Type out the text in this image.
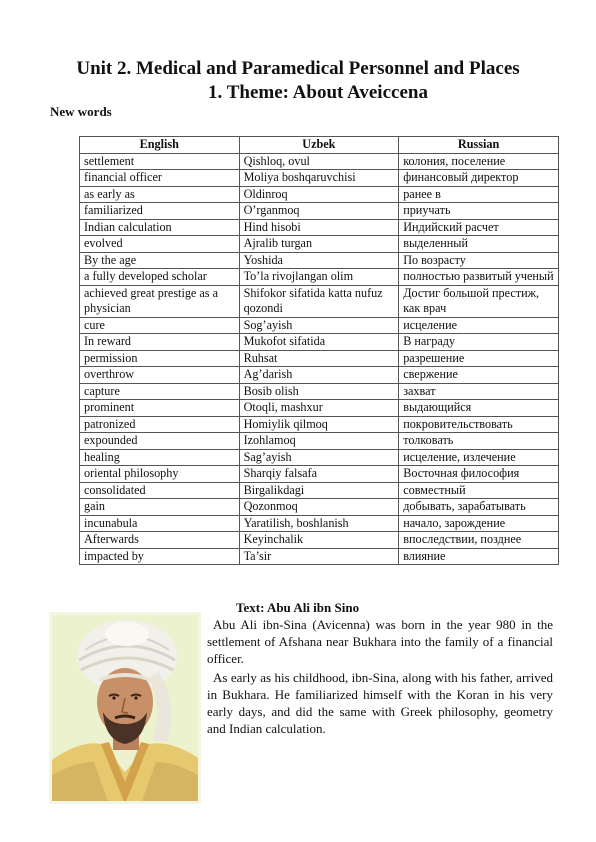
Unit 2. Medical and Paramedical Personnel and Places
1. Theme: About Aveiccena
New words
English	Uzbek	Russian
settlement	Qishloq, ovul	колония, поселение
financial officer	Moliya boshqaruvchisi	финансовый директор
as early as	Oldinroq	ранее в
familiarized	O’rganmoq	приучать
Indian calculation	Hind hisobi	Индийский расчет
evolved	Ajralib turgan	выделенный
By the age	Yoshida	По возрасту
a fully developed scholar	To’la rivojlangan olim	полностью развитый ученый
achieved great prestige as a physician	Shifokor sifatida katta nufuz qozondi	Достиг большой престиж, как врач
cure	Sog’ayish	исцеление
In reward	Mukofot sifatida	В награду
permission	Ruhsat	разрешение
overthrow	Ag’darish	свержение
capture	Bosib olish	захват
prominent	Otoqli, mashxur	выдающийся
patronized	Homiylik qilmoq	покровительствовать
expounded	Izohlamoq	толковать
healing	Sag’ayish	исцеление, излечение
oriental philosophy	Sharqiy falsafa	Восточная философия
consolidated	Birgalikdagi	совместный
gain	Qozonmoq	добывать, зарабатывать
incunabula	Yaratilish, boshlanish	начало, зарождение
Afterwards	Keyinchalik	впоследствии, позднее
impacted by	Ta’sir	влияние
Text: Abu Ali ibn Sino

Abu Ali ibn-Sina (Avicenna) was born in the year 980 in the settlement of Afshana near Bukhara into the family of a financial officer.

As early as his childhood, ibn-Sina, along with his father, arrived in Bukhara. He familiarized himself with the Koran in his very early days, and did the same with Greek philosophy, geometry and Indian calculation.
